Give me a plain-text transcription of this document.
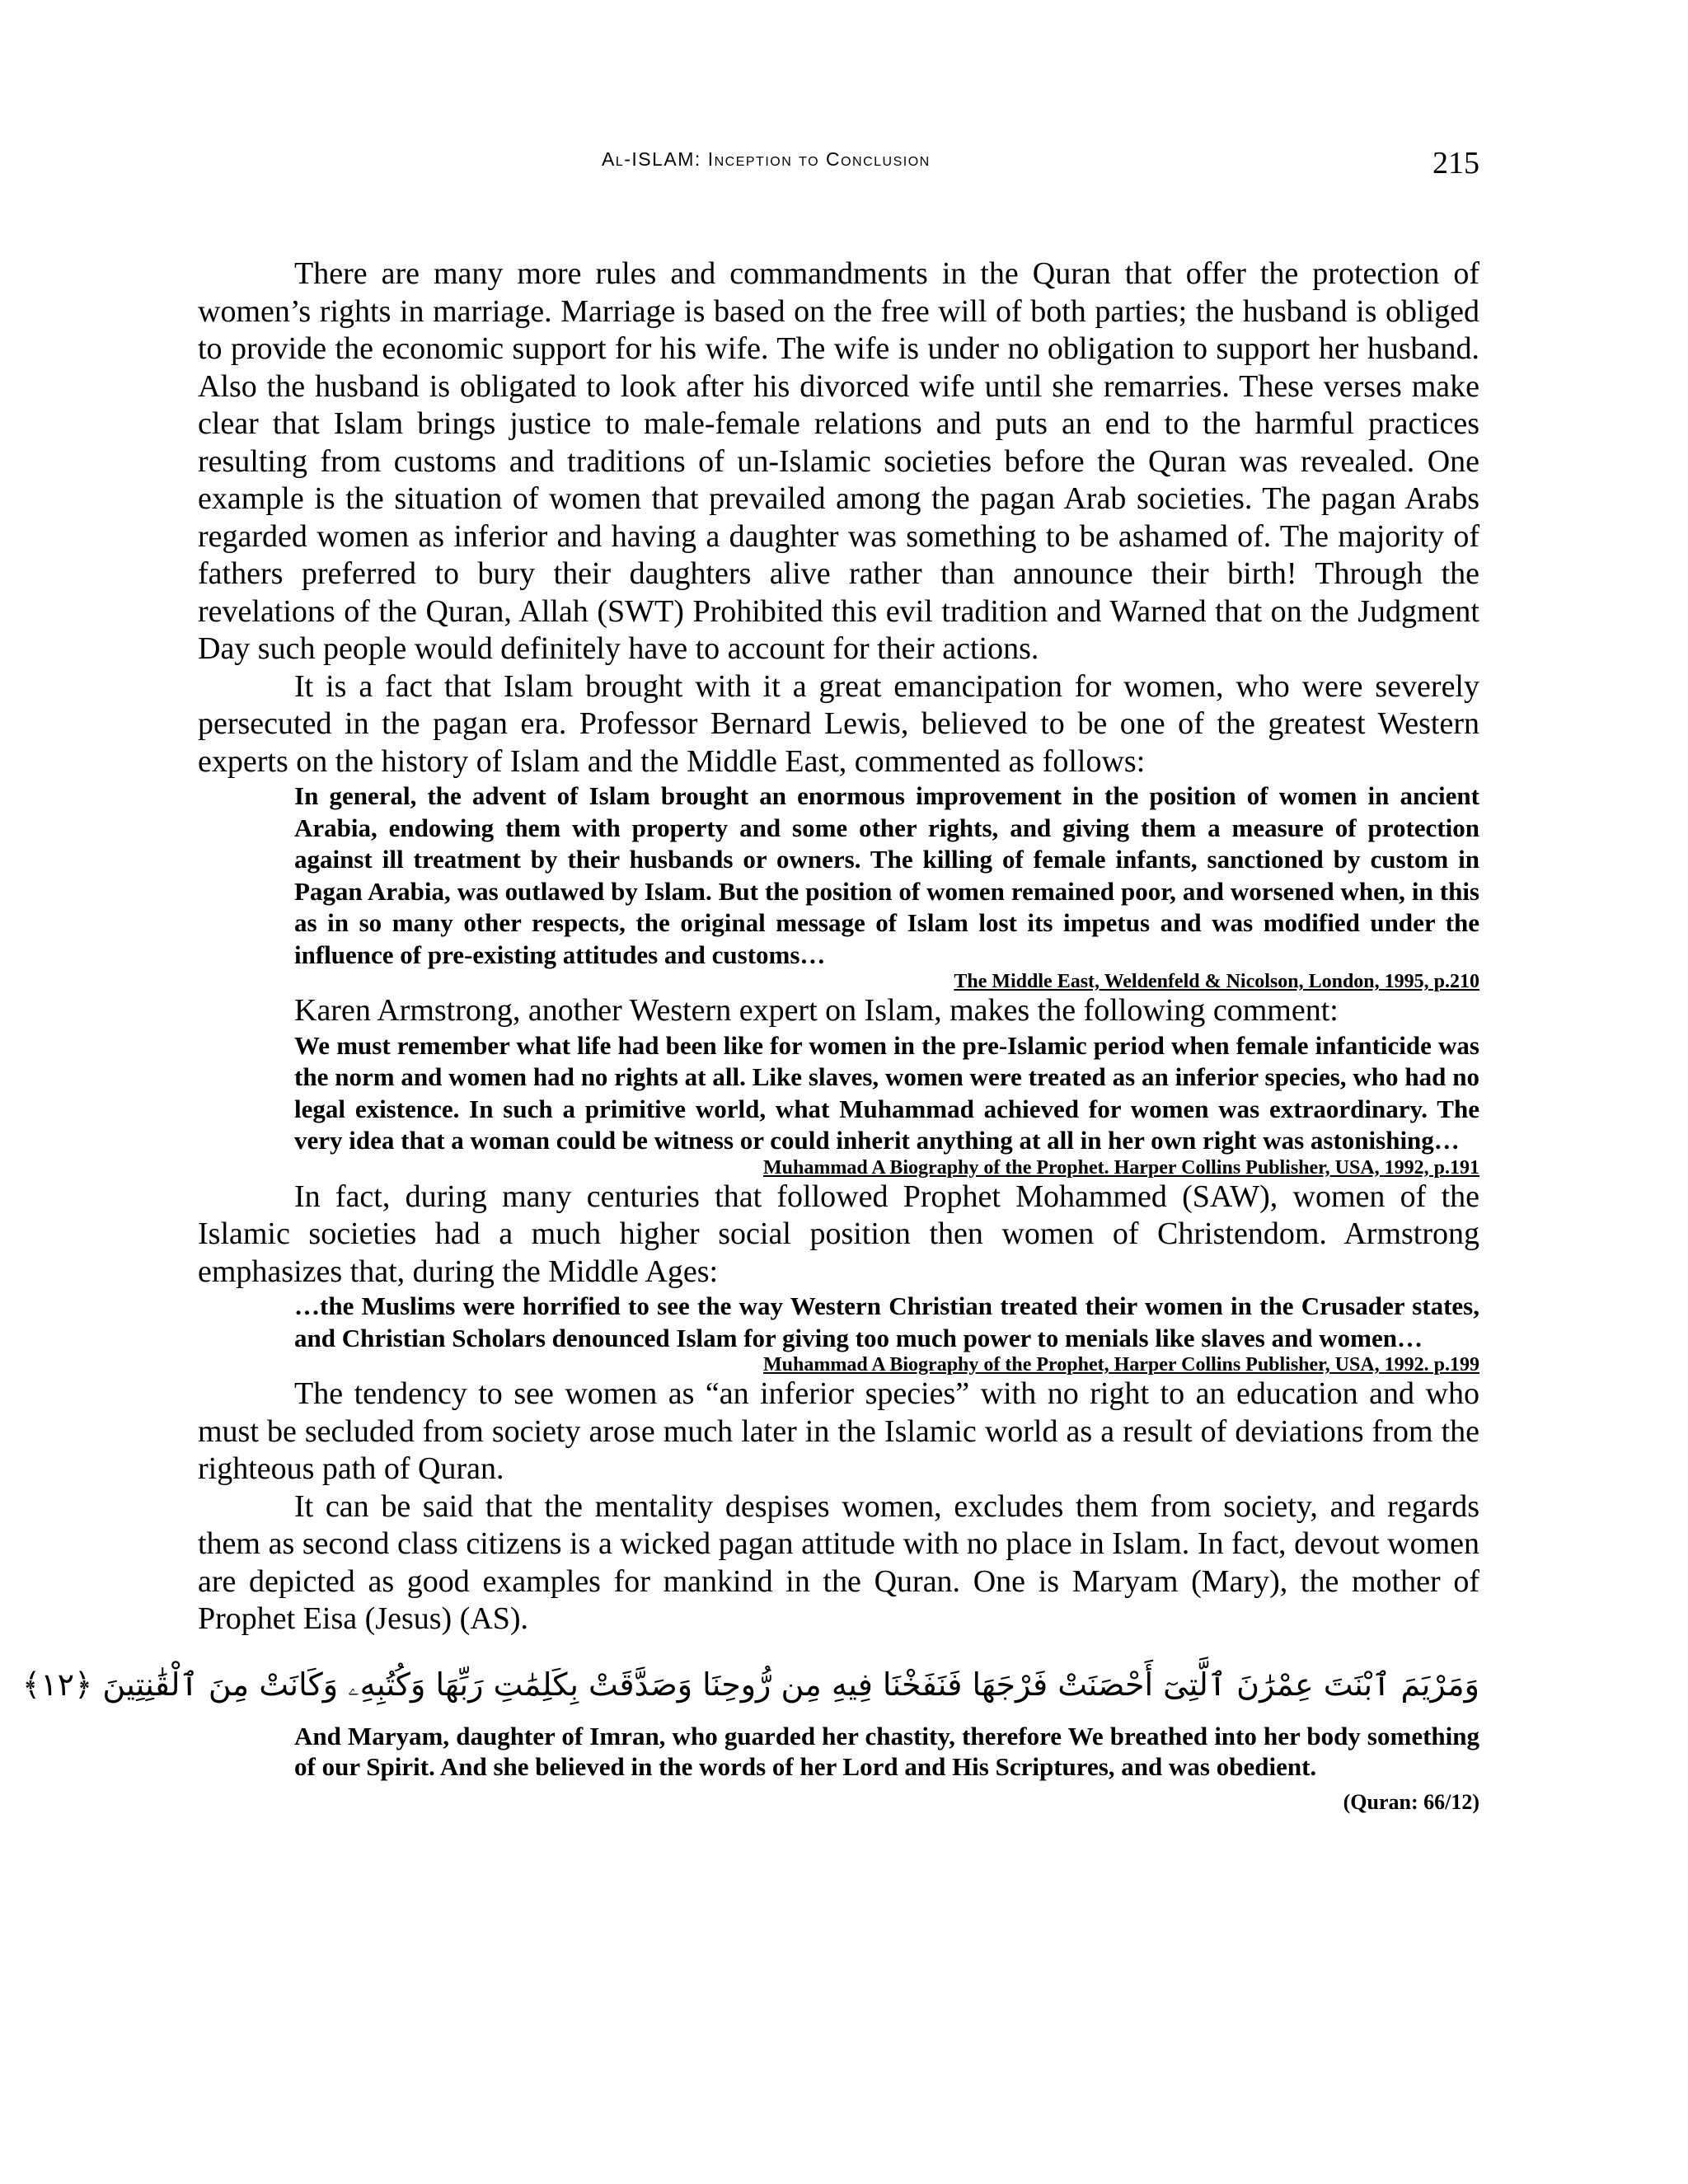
Al-ISLAM: Inception to Conclusion	215

There are many more rules and commandments in the Quran that offer the protection of women’s rights in marriage. Marriage is based on the free will of both parties; the husband is obliged to provide the economic support for his wife. The wife is under no obligation to support her husband. Also the husband is obligated to look after his divorced wife until she remarries. These verses make clear that Islam brings justice to male-female relations and puts an end to the harmful practices resulting from customs and traditions of un-Islamic societies before the Quran was revealed. One example is the situation of women that prevailed among the pagan Arab societies. The pagan Arabs regarded women as inferior and having a daughter was something to be ashamed of. The majority of fathers preferred to bury their daughters alive rather than announce their birth! Through the revelations of the Quran, Allah (SWT) Prohibited this evil tradition and Warned that on the Judgment Day such people would definitely have to account for their actions.

It is a fact that Islam brought with it a great emancipation for women, who were severely persecuted in the pagan era. Professor Bernard Lewis, believed to be one of the greatest Western experts on the history of Islam and the Middle East, commented as follows:

In general, the advent of Islam brought an enormous improvement in the position of women in ancient Arabia, endowing them with property and some other rights, and giving them a measure of protection against ill treatment by their husbands or owners. The killing of female infants, sanctioned by custom in Pagan Arabia, was outlawed by Islam. But the position of women remained poor, and worsened when, in this as in so many other respects, the original message of Islam lost its impetus and was modified under the influence of pre-existing attitudes and customs…

The Middle East, Weldenfeld & Nicolson, London, 1995, p.210

Karen Armstrong, another Western expert on Islam, makes the following comment:

We must remember what life had been like for women in the pre-Islamic period when female infanticide was the norm and women had no rights at all. Like slaves, women were treated as an inferior species, who had no legal existence. In such a primitive world, what Muhammad achieved for women was extraordinary. The very idea that a woman could be witness or could inherit anything at all in her own right was astonishing…

Muhammad A Biography of the Prophet. Harper Collins Publisher, USA, 1992, p.191

In fact, during many centuries that followed Prophet Mohammed (SAW), women of the Islamic societies had a much higher social position then women of Christendom. Armstrong emphasizes that, during the Middle Ages:

…the Muslims were horrified to see the way Western Christian treated their women in the Crusader states, and Christian Scholars denounced Islam for giving too much power to menials like slaves and women…

Muhammad A Biography of the Prophet, Harper Collins Publisher, USA, 1992. p.199

The tendency to see women as “an inferior species” with no right to an education and who must be secluded from society arose much later in the Islamic world as a result of deviations from the righteous path of Quran.

It can be said that the mentality despises women, excludes them from society, and regards them as second class citizens is a wicked pagan attitude with no place in Islam. In fact, devout women are depicted as good examples for mankind in the Quran. One is Maryam (Mary), the mother of Prophet Eisa (Jesus) (AS).

وَمَرْيَمَ ٱبْنَتَ عِمْرَٰنَ ٱلَّتِىٓ أَحْصَنَتْ فَرْجَهَا فَنَفَخْنَا فِيهِ مِن رُّوحِنَا وَصَدَّقَتْ بِكَلِمَٰتِ رَبِّهَا وَكُتُبِهِۦ وَكَانَتْ مِنَ ٱلْقَٰنِتِينَ ﴿١٢﴾

And Maryam, daughter of Imran, who guarded her chastity, therefore We breathed into her body something of our Spirit. And she believed in the words of her Lord and His Scriptures, and was obedient.

(Quran: 66/12)
